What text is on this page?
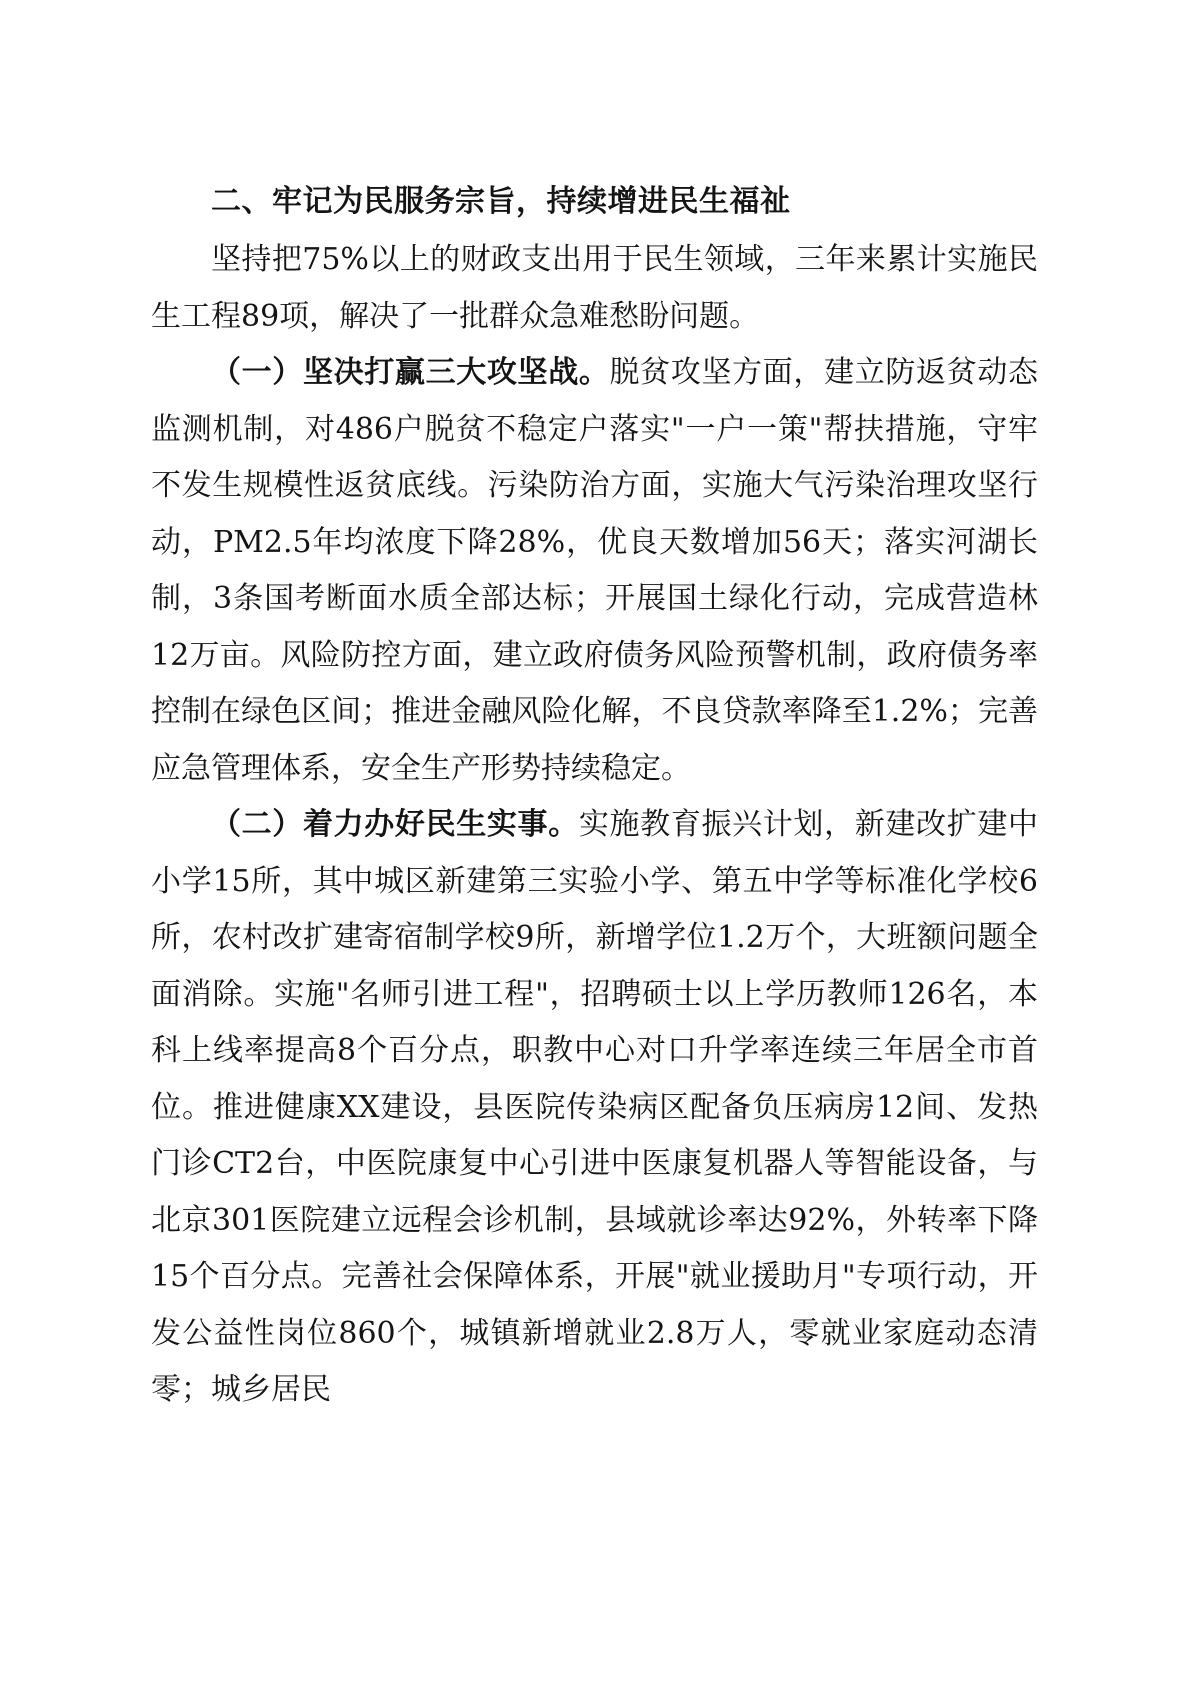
二、牢记为民服务宗旨，持续增进民生福祉

坚持把75%以上的财政支出用于民生领域，三年来累计实施民生工程89项，解决了一批群众急难愁盼问题。

（一）坚决打赢三大攻坚战。脱贫攻坚方面，建立防返贫动态监测机制，对486户脱贫不稳定户落实"一户一策"帮扶措施，守牢不发生规模性返贫底线。污染防治方面，实施大气污染治理攻坚行动，PM2.5年均浓度下降28%，优良天数增加56天；落实河湖长制，3条国考断面水质全部达标；开展国土绿化行动，完成营造林12万亩。风险防控方面，建立政府债务风险预警机制，政府债务率控制在绿色区间；推进金融风险化解，不良贷款率降至1.2%；完善应急管理体系，安全生产形势持续稳定。

（二）着力办好民生实事。实施教育振兴计划，新建改扩建中小学15所，其中城区新建第三实验小学、第五中学等标准化学校6所，农村改扩建寄宿制学校9所，新增学位1.2万个，大班额问题全面消除。实施"名师引进工程"，招聘硕士以上学历教师126名，本科上线率提高8个百分点，职教中心对口升学率连续三年居全市首位。推进健康XX建设，县医院传染病区配备负压病房12间、发热门诊CT2台，中医院康复中心引进中医康复机器人等智能设备，与北京301医院建立远程会诊机制，县域就诊率达92%，外转率下降15个百分点。完善社会保障体系，开展"就业援助月"专项行动，开发公益性岗位860个，城镇新增就业2.8万人，零就业家庭动态清零；城乡居民
